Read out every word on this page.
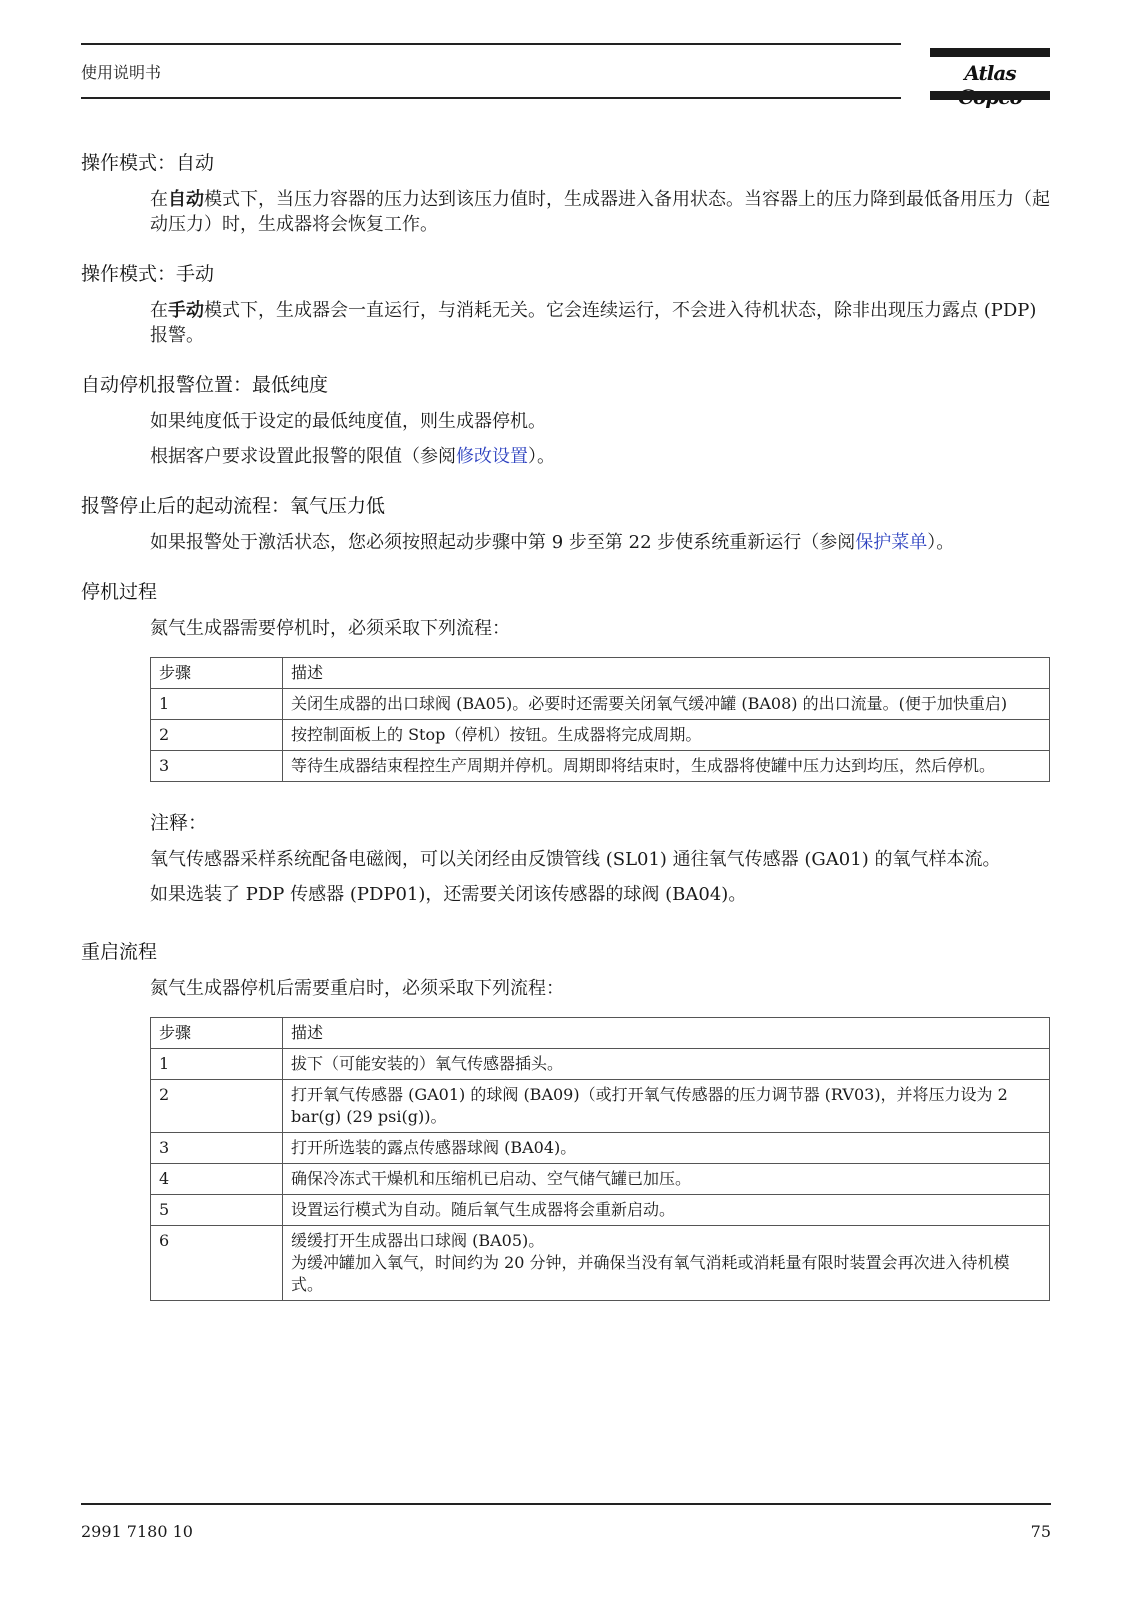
使用说明书	Atlas
操作模式：自动

在自动模式下，当压力容器的压力达到该压力值时，生成器进入备用状态。当容器上的压力降到最低备用压力（起动压力）时，生成器将会恢复工作。

操作模式：手动

在手动模式下，生成器会一直运行，与消耗无关。它会连续运行，不会进入待机状态，除非出现压力露点 (PDP) 报警。

自动停机报警位置：最低纯度

如果纯度低于设定的最低纯度值，则生成器停机。

根据客户要求设置此报警的限值（参阅修改设置）。

报警停止后的起动流程：氧气压力低

如果报警处于激活状态，您必须按照起动步骤中第 9 步至第 22 步使系统重新运行（参阅保护菜单）。

停机过程

氮气生成器需要停机时，必须采取下列流程：

步骤	描述
1	关闭生成器的出口球阀 (BA05)。必要时还需要关闭氧气缓冲罐 (BA08) 的出口流量。(便于加快重启)
2	按控制面板上的 Stop（停机）按钮。生成器将完成周期。
3	等待生成器结束程控生产周期并停机。周期即将结束时，生成器将使罐中压力达到均压，然后停机。
注释：

氧气传感器采样系统配备电磁阀，可以关闭经由反馈管线 (SL01) 通往氧气传感器 (GA01) 的氧气样本流。

如果选装了 PDP 传感器 (PDP01)，还需要关闭该传感器的球阀 (BA04)。

重启流程

氮气生成器停机后需要重启时，必须采取下列流程：

步骤	描述
1	拔下（可能安装的）氧气传感器插头。
2	打开氧气传感器 (GA01) 的球阀 (BA09)（或打开氧气传感器的压力调节器 (RV03)，并将压力设为 2 bar(g) (29 psi(g))。
3	打开所选装的露点传感器球阀 (BA04)。
4	确保冷冻式干燥机和压缩机已启动、空气储气罐已加压。
5	设置运行模式为自动。随后氧气生成器将会重新启动。
6	缓缓打开生成器出口球阀 (BA05)。
为缓冲罐加入氧气，时间约为 20 分钟，并确保当没有氧气消耗或消耗量有限时装置会再次进入待机模式。
2991 7180 10	75
